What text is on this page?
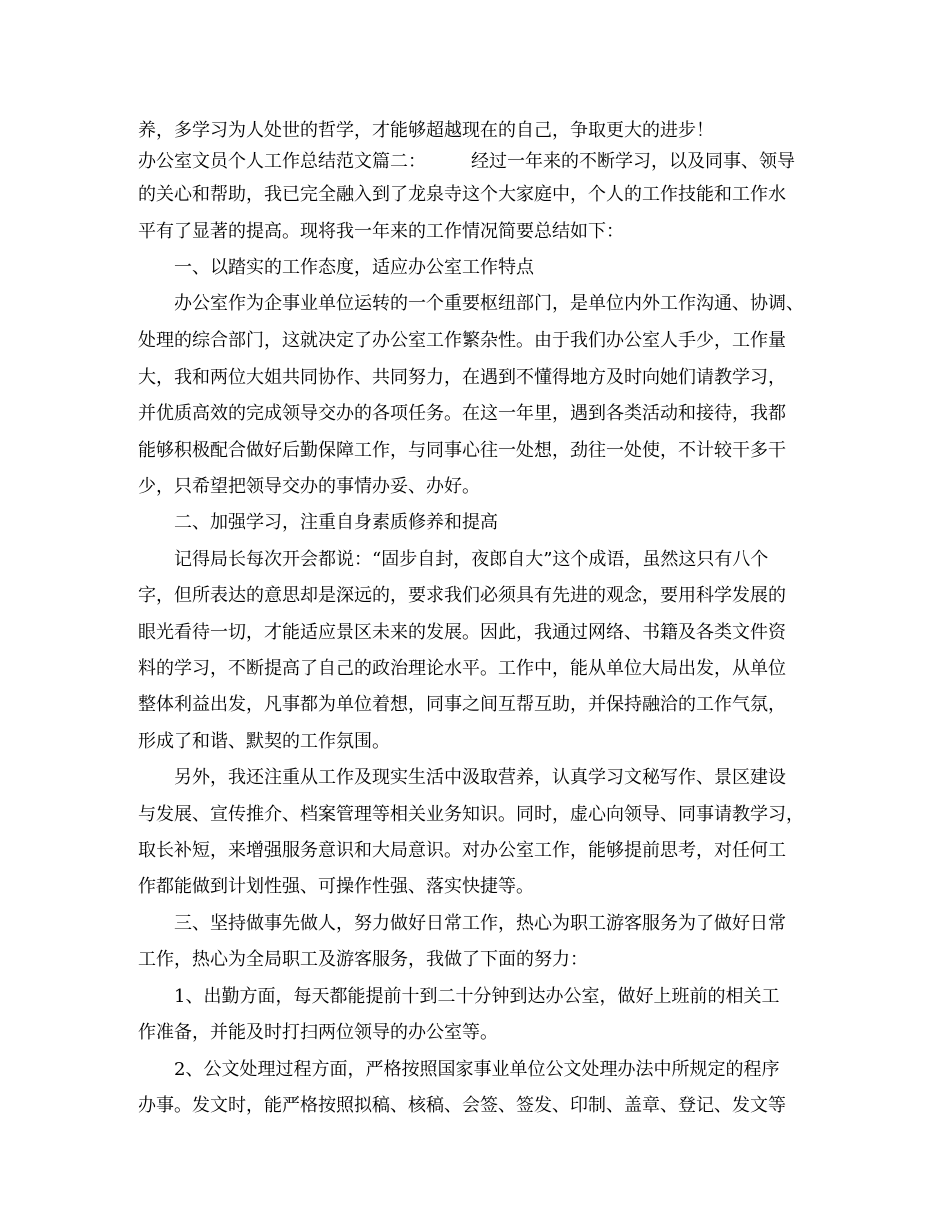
养，多学习为人处世的哲学，才能够超越现在的自己，争取更大的进步！
办公室文员个人工作总结范文篇二：　　　经过一年来的不断学习，以及同事、领导
的关心和帮助，我已完全融入到了龙泉寺这个大家庭中，个人的工作技能和工作水
平有了显著的提高。现将我一年来的工作情况简要总结如下：
　　一、以踏实的工作态度，适应办公室工作特点
　　办公室作为企事业单位运转的一个重要枢纽部门，是单位内外工作沟通、协调、
处理的综合部门，这就决定了办公室工作繁杂性。由于我们办公室人手少，工作量
大，我和两位大姐共同协作、共同努力，在遇到不懂得地方及时向她们请教学习，
并优质高效的完成领导交办的各项任务。在这一年里，遇到各类活动和接待，我都
能够积极配合做好后勤保障工作，与同事心往一处想，劲往一处使，不计较干多干
少，只希望把领导交办的事情办妥、办好。
　　二、加强学习，注重自身素质修养和提高
　　记得局长每次开会都说：“固步自封，夜郎自大”这个成语，虽然这只有八个
字，但所表达的意思却是深远的，要求我们必须具有先进的观念，要用科学发展的
眼光看待一切，才能适应景区未来的发展。因此，我通过网络、书籍及各类文件资
料的学习，不断提高了自己的政治理论水平。工作中，能从单位大局出发，从单位
整体利益出发，凡事都为单位着想，同事之间互帮互助，并保持融洽的工作气氛，
形成了和谐、默契的工作氛围。
　　另外，我还注重从工作及现实生活中汲取营养，认真学习文秘写作、景区建设
与发展、宣传推介、档案管理等相关业务知识。同时，虚心向领导、同事请教学习，
取长补短，来增强服务意识和大局意识。对办公室工作，能够提前思考，对任何工
作都能做到计划性强、可操作性强、落实快捷等。
　　三、坚持做事先做人，努力做好日常工作，热心为职工游客服务为了做好日常
工作，热心为全局职工及游客服务，我做了下面的努力：
　　1、出勤方面，每天都能提前十到二十分钟到达办公室，做好上班前的相关工
作准备，并能及时打扫两位领导的办公室等。
　　2、公文处理过程方面，严格按照国家事业单位公文处理办法中所规定的程序
办事。发文时，能严格按照拟稿、核稿、会签、签发、印制、盖章、登记、发文等
